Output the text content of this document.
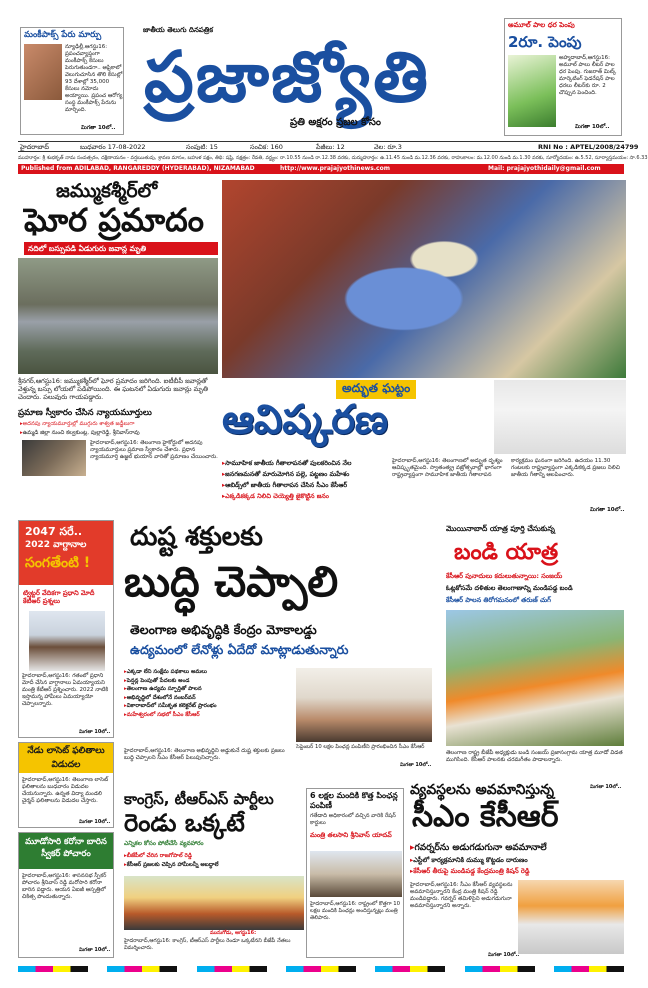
మంకీపాక్స్ పేరు మార్పు
న్యూఢిల్లీ,ఆగస్టు16: ప్రపంచవ్యాప్తంగా మంకీపాక్స్ కేసులు పెరుగుతుండగా.. ఆఫ్రికాలో వెలుగుచూసిన తొలి కేసుల్లో 93 దేశాల్లో 35,000 కేసులు నమోదు అయ్యాయి. ప్రపంచ ఆరోగ్య సంస్థ మంకీపాక్స్ పేరును మార్చింది.
మిగతా 10లో..
జాతీయ తెలుగు దినపత్రిక
ప్రజాజ్యోతి
ప్రతి అక్షరం ప్రజల కోసం
అమూల్ పాల ధర పెంపు
2రూ. పెంపు
అహ్మదాబాద్,ఆగస్టు16: అమూల్ పాలు లీటర్ పాల ధర పెంపు. గుజరాత్ మిల్క్ మార్కెటింగ్ ఫెడరేషన్ పాల ధరలు లీటర్‌కు రూ. 2 చొప్పున పెంచింది.
మిగతా 10లో..
హైదరాబాద్	బుధవారం 17-08-2022	సంపుటి: 15	సంచిక: 160	పేజీలు: 12	వెల: రూ.3	RNI No : APTEL/2008/24799
ముహూర్తం: శ్రీ శుభకృత్ నామ సంవత్సరం, దక్షిణాయనం - వర్షఋతువు, శ్రావణ మాసం, బహుళ పక్షం, తిథి: షష్ఠి, నక్షత్రం: రేవతి, వర్జ్యం: రా.10.55 నుండి రా.12.38 వరకు, దుర్ముహూర్తం: ఉ.11.45 నుండి మ.12.36 వరకు, రాహుకాలం: మ.12.00 నుండి మ.1.30 వరకు, సూర్యోదయం: ఉ.5.52, సూర్యాస్తమయం: సా.6.33
Published from ADILABAD, RANGAREDDY (HYDERABAD), NIZAMABAD	http://www.prajajyothinews.com	Mail: prajajyothidaily@gmail.com
జమ్ముకశ్మీర్‌లో
ఘోర ప్రమాదం
నదిలో బస్సుపడి ఏడుగురు జవాన్ల మృతి
శ్రీనగర్,ఆగస్టు16: జమ్ముకశ్మీర్‌లో ఘోర ప్రమాదం జరిగింది. ఐటీబీపీ జవాన్లతో వెళ్తున్న బస్సు లోయలో పడిపోయింది. ఈ ఘటనలో ఏడుగురు జవాన్లు మృతి చెందారు. పలువురు గాయపడ్డారు.
ప్రమాణ స్వీకారం చేసిన న్యాయమూర్తులు
▸ అదనపు న్యాయమూర్తుల్లో ముగ్గురు శాశ్వత జడ్జీలుగా
▸ ఉమ్మడి జిల్లా నుంచి కల్వకుంట్ల, పుల్లారెడ్డి, శ్రీనివాస్‌రావు
హైదరాబాద్,ఆగస్టు16: తెలంగాణ హైకోర్టులో అదనపు న్యాయమూర్తులు ప్రమాణ స్వీకారం చేశారు. ప్రధాన న్యాయమూర్తి ఉజ్జల్ భుయాన్ వారితో ప్రమాణం చేయించారు.
అద్భుత ఘట్టం
ఆవిష్కరణ
▸ సామూహిక జాతీయ గీతాలాపనతో పులకరించిన నేల
▸ జనగణమనతో మారుమోగిన పల్లె, పట్టణం మహేశం
▸ ఆబిడ్స్‌లో జాతీయ గీతాలాపన చేసిన సీఎం కేసీఆర్
▸ ఎక్కడికక్కడ నిలిచి చెయ్యెత్తి జైకొట్టిన జనం
హైదరాబాద్,ఆగస్టు16: తెలంగాణలో అద్భుత దృశ్యం ఆవిష్కృతమైంది. స్వాతంత్య్ర వజ్రోత్సవాల్లో భాగంగా రాష్ట్రవ్యాప్తంగా సామూహిక జాతీయ గీతాలాపన కార్యక్రమం ఘనంగా జరిగింది. ఉదయం 11.30 గంటలకు రాష్ట్రవ్యాప్తంగా ఎక్కడికక్కడ ప్రజలు నిలిచి జాతీయ గీతాన్ని ఆలపించారు.
మిగతా 10లో..
2047 సరే..
2022 వాగ్దానాల
సంగతేంటి !
ట్విట్టర్ వేదికగా ప్రధాని మోదీ కేటీఆర్ ప్రశ్నలు
హైదరాబాద్,ఆగస్టు16: గతంలో ప్రధాని మోదీ చేసిన వాగ్దానాలు ఏమయ్యాయని మంత్రి కేటీఆర్ ప్రశ్నించారు. 2022 నాటికి ఇస్తామన్న హామీలు ఏమయ్యాయో చెప్పాలన్నారు.
మిగతా 10లో..
నేడు లాసెట్ ఫలితాలు విడుదల
హైదరాబాద్,ఆగస్టు16: తెలంగాణ లాసెట్ ఫలితాలను బుధవారం విడుదల చేయనున్నారు. ఉన్నత విద్యా మండలి చైర్మన్ ఫలితాలను విడుదల చేస్తారు.
మిగతా 10లో..
మూడోసారి కరోనా బారిన స్వీకర్ పోచారం
హైదరాబాద్,ఆగస్టు16: శాసనసభ స్పీకర్ పోచారం శ్రీనివాస్ రెడ్డి మరోసారి కరోనా బారిన పడ్డారు. ఆయన ఏఐజీ ఆస్పత్రిలో చికిత్స పొందుతున్నారు.
మిగతా 10లో..
దుష్ట శక్తులకు
బుద్ధి చెప్పాలి
తెలంగాణ అభివృద్ధికి కేంద్రం మోకాలడ్డు
ఉద్యమంలో లేనోళ్లు ఏదేదో మాట్లాడుతున్నారు
▸ ఎక్కడా లేని సంక్షేమ పథకాలు అమలు
▸ పెన్షన్ల పెంపుతో పేదలకు అండ
▸ తెలంగాణ ఉద్యమ స్ఫూర్తితో పాలన
▸ అభివృద్ధిలో దేశంలోనే నంబర్‌వన్
▸ వికారాబాద్‌లో సమీకృత కలెక్టరేట్ ప్రారంభం
▸ మహేశ్వరంలో సభలో సీఎం కేసీఆర్
హైదరాబాద్,ఆగస్టు16: తెలంగాణ అభివృద్ధిని అడ్డుకునే దుష్ట శక్తులకు ప్రజలు బుద్ధి చెప్పాలని సీఎం కేసీఆర్ పిలుపునిచ్చారు.
సెప్టెంబర్ 10 లక్షల పింఛన్ల పంపిణీని ప్రారంభించిన సీఎం కేసీఆర్
మిగతా 10లో..
మొయినాబాద్ యాత్ర పూర్తి చేసుకున్న
బండి యాత్ర
కేసీఆర్ పునాదులు కదులుతున్నాయి: సంజయ్
ఓట్లకోసమే దళితుల తెలంగాణాన్ని మండిపడ్డ బండి
కేసీఆర్ పాలన తిరోగమనంలో తరుణ్ చుగ్
తెలంగాణ రాష్ట్ర బీజేపీ అధ్యక్షుడు బండి సంజయ్ ప్రజాసంగ్రామ యాత్ర మూడో విడత ముగిసింది. కేసీఆర్ పాలనకు చరమగీతం పాడాలన్నారు.
మిగతా 10లో..
కాంగ్రెస్, టీఆర్ఎస్ పార్టీలు
రెండు ఒక్కటే
ఎన్నికల కోసం పోటీచేసే వ్యవహారం
▸ బీజేపీలో చేరిన రాజగోపాల్ రెడ్డి
▸ కేసీఆర్ ప్రజలకు చెప్పిన హామీలన్నీ అబద్ధాలే
మునుగోడు, ఆగస్టు16:
హైదరాబాద్,ఆగస్టు16: కాంగ్రెస్, టీఆర్ఎస్ పార్టీలు రెండూ ఒక్కటేనని బీజేపీ నేతలు విమర్శించారు.
6 లక్షల మందికి కొత్త పింఛన్ల పంపిణీ
గతేడాది అధికారంలో వచ్చిన వారికి రేషన్ కార్డులు
మంత్రి తలసాని శ్రీనివాస్ యాదవ్
హైదరాబాద్,ఆగస్టు16: రాష్ట్రంలో కొత్తగా 10 లక్షల మందికి పింఛన్లు అందిస్తున్నట్లు మంత్రి తెలిపారు.
వ్యవస్థలను అవమానిస్తున్న
సీఎం కేసీఆర్
▸ గవర్నర్‌ను అడుగడుగునా అవమానాలే
▸ ఎస్టీలో కార్యక్రమానికి దుమ్ము కొట్టడం దారుణం
▸ కేసీఆర్ తీరుపై మండిపడ్డ కేంద్రమంత్రి కిషన్ రెడ్డి
హైదరాబాద్,ఆగస్టు16: సీఎం కేసీఆర్ వ్యవస్థలను అవమానిస్తున్నారని కేంద్ర మంత్రి కిషన్ రెడ్డి మండిపడ్డారు. గవర్నర్ తమిళిసైని అడుగడుగునా అవమానిస్తున్నారని అన్నారు.
మిగతా 10లో..
